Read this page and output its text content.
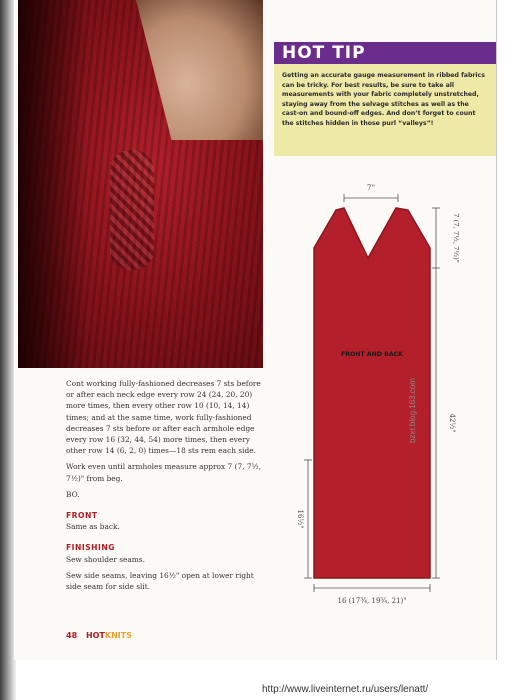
HOT TIP
Getting an accurate gauge measurement in ribbed fabrics can be tricky. For best results, be sure to take all measurements with your fabric completely unstretched, staying away from the selvage stitches as well as the cast-on and bound-off edges. And don’t forget to count the stitches hidden in those purl “valleys”!
7"
FRONT AND BACK
7 (7, 7½, 7½)"
42½"
16½"
16 (17¾, 19¾, 21)"

Cont working fully-fashioned decreases 7 sts before or after each neck edge every row 24 (24, 20, 20) more times, then every other row 10 (10, 14, 14) times; and at the same time, work fully-fashioned decreases 7 sts before or after each armhole edge every row 16 (32, 44, 54) more times, then every other row 14 (6, 2, 0) times—18 sts rem each side.

Work even until armholes measure approx 7 (7, 7½, 7½)" from beg.

BO.

FRONT

Same as back.

FINISHING

Sew shoulder seams.

Sew side seams, leaving 16½" open at lower right side seam for side slit.

48 HOTKNITS
bzxr.blog.163.com
http://www.liveinternet.ru/users/lenatt/
